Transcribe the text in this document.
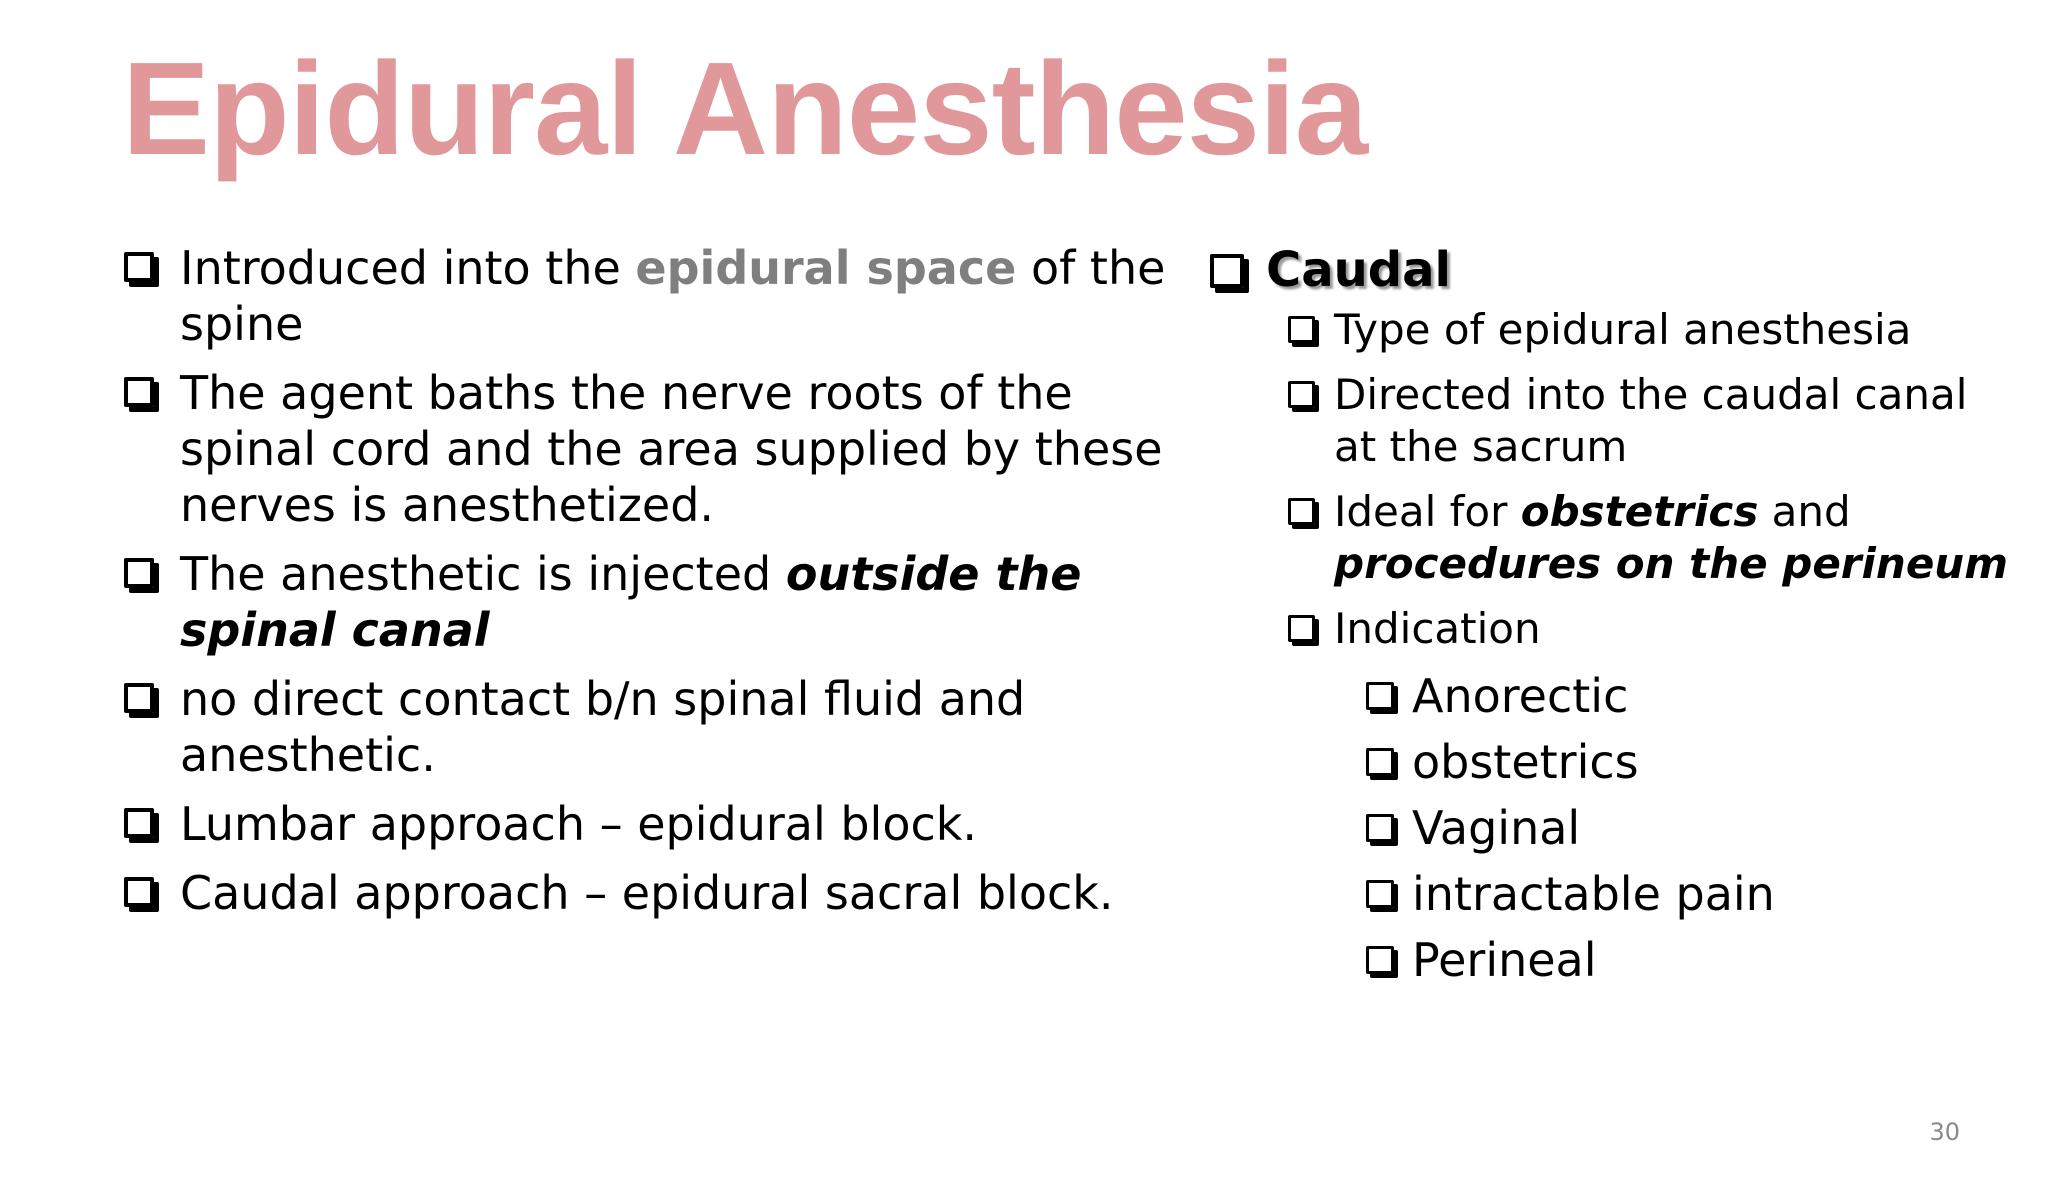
Epidural Anesthesia
Introduced into the epidural space of the spine
The agent baths the nerve roots of the spinal cord and the area supplied by these nerves is anesthetized.
The anesthetic is injected outside the spinal canal
no direct contact b/n spinal fluid and anesthetic.
Lumbar approach – epidural block.
Caudal approach – epidural sacral block.
Caudal
Type of epidural anesthesia
Directed into the caudal canal at the sacrum
Ideal for obstetrics and procedures on the perineum
Indication
Anorectic
obstetrics
Vaginal
intractable pain
Perineal
30
